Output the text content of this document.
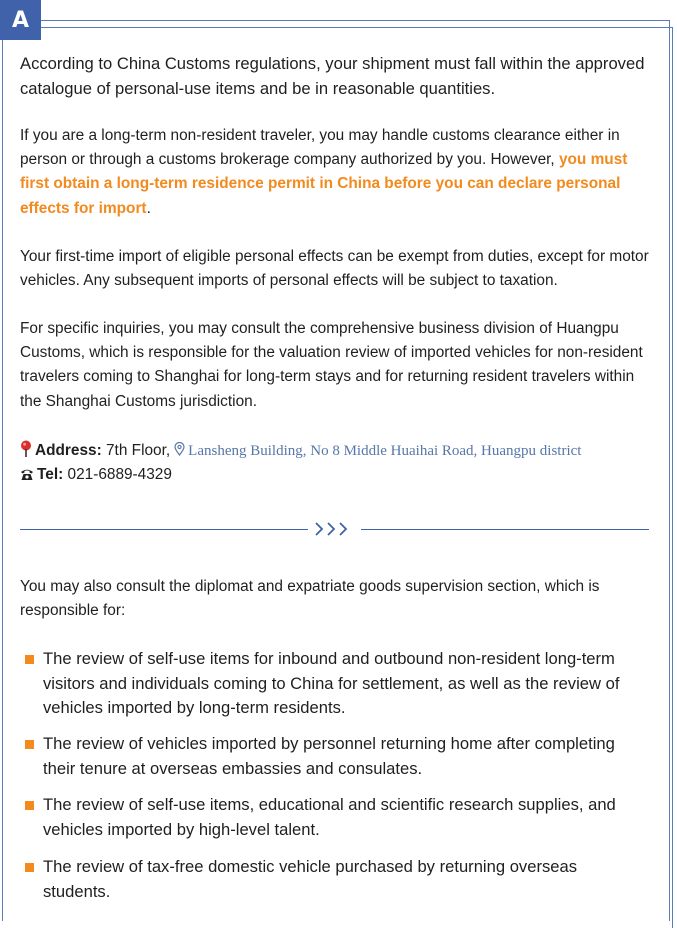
A

According to China Customs regulations, your shipment must fall within the approved catalogue of personal-use items and be in reasonable quantities.

If you are a long-term non-resident traveler, you may handle customs clearance either in person or through a customs brokerage company authorized by you. However, you must first obtain a long-term residence permit in China before you can declare personal effects for import.

Your first-time import of eligible personal effects can be exempt from duties, except for motor vehicles. Any subsequent imports of personal effects will be subject to taxation.

For specific inquiries, you may consult the comprehensive business division of Huangpu Customs, which is responsible for the valuation review of imported vehicles for non-resident travelers coming to Shanghai for long-term stays and for returning resident travelers within the Shanghai Customs jurisdiction.

Address: 7th Floor, Lansheng Building, No 8 Middle Huaihai Road, Huangpu district
Tel: 021-6889-4329

You may also consult the diplomat and expatriate goods supervision section, which is responsible for:

The review of self-use items for inbound and outbound non-resident long-term visitors and individuals coming to China for settlement, as well as the review of vehicles imported by long-term residents.
The review of vehicles imported by personnel returning home after completing their tenure at overseas embassies and consulates.
The review of self-use items, educational and scientific research supplies, and vehicles imported by high-level talent.
The review of tax-free domestic vehicle purchased by returning overseas students.
